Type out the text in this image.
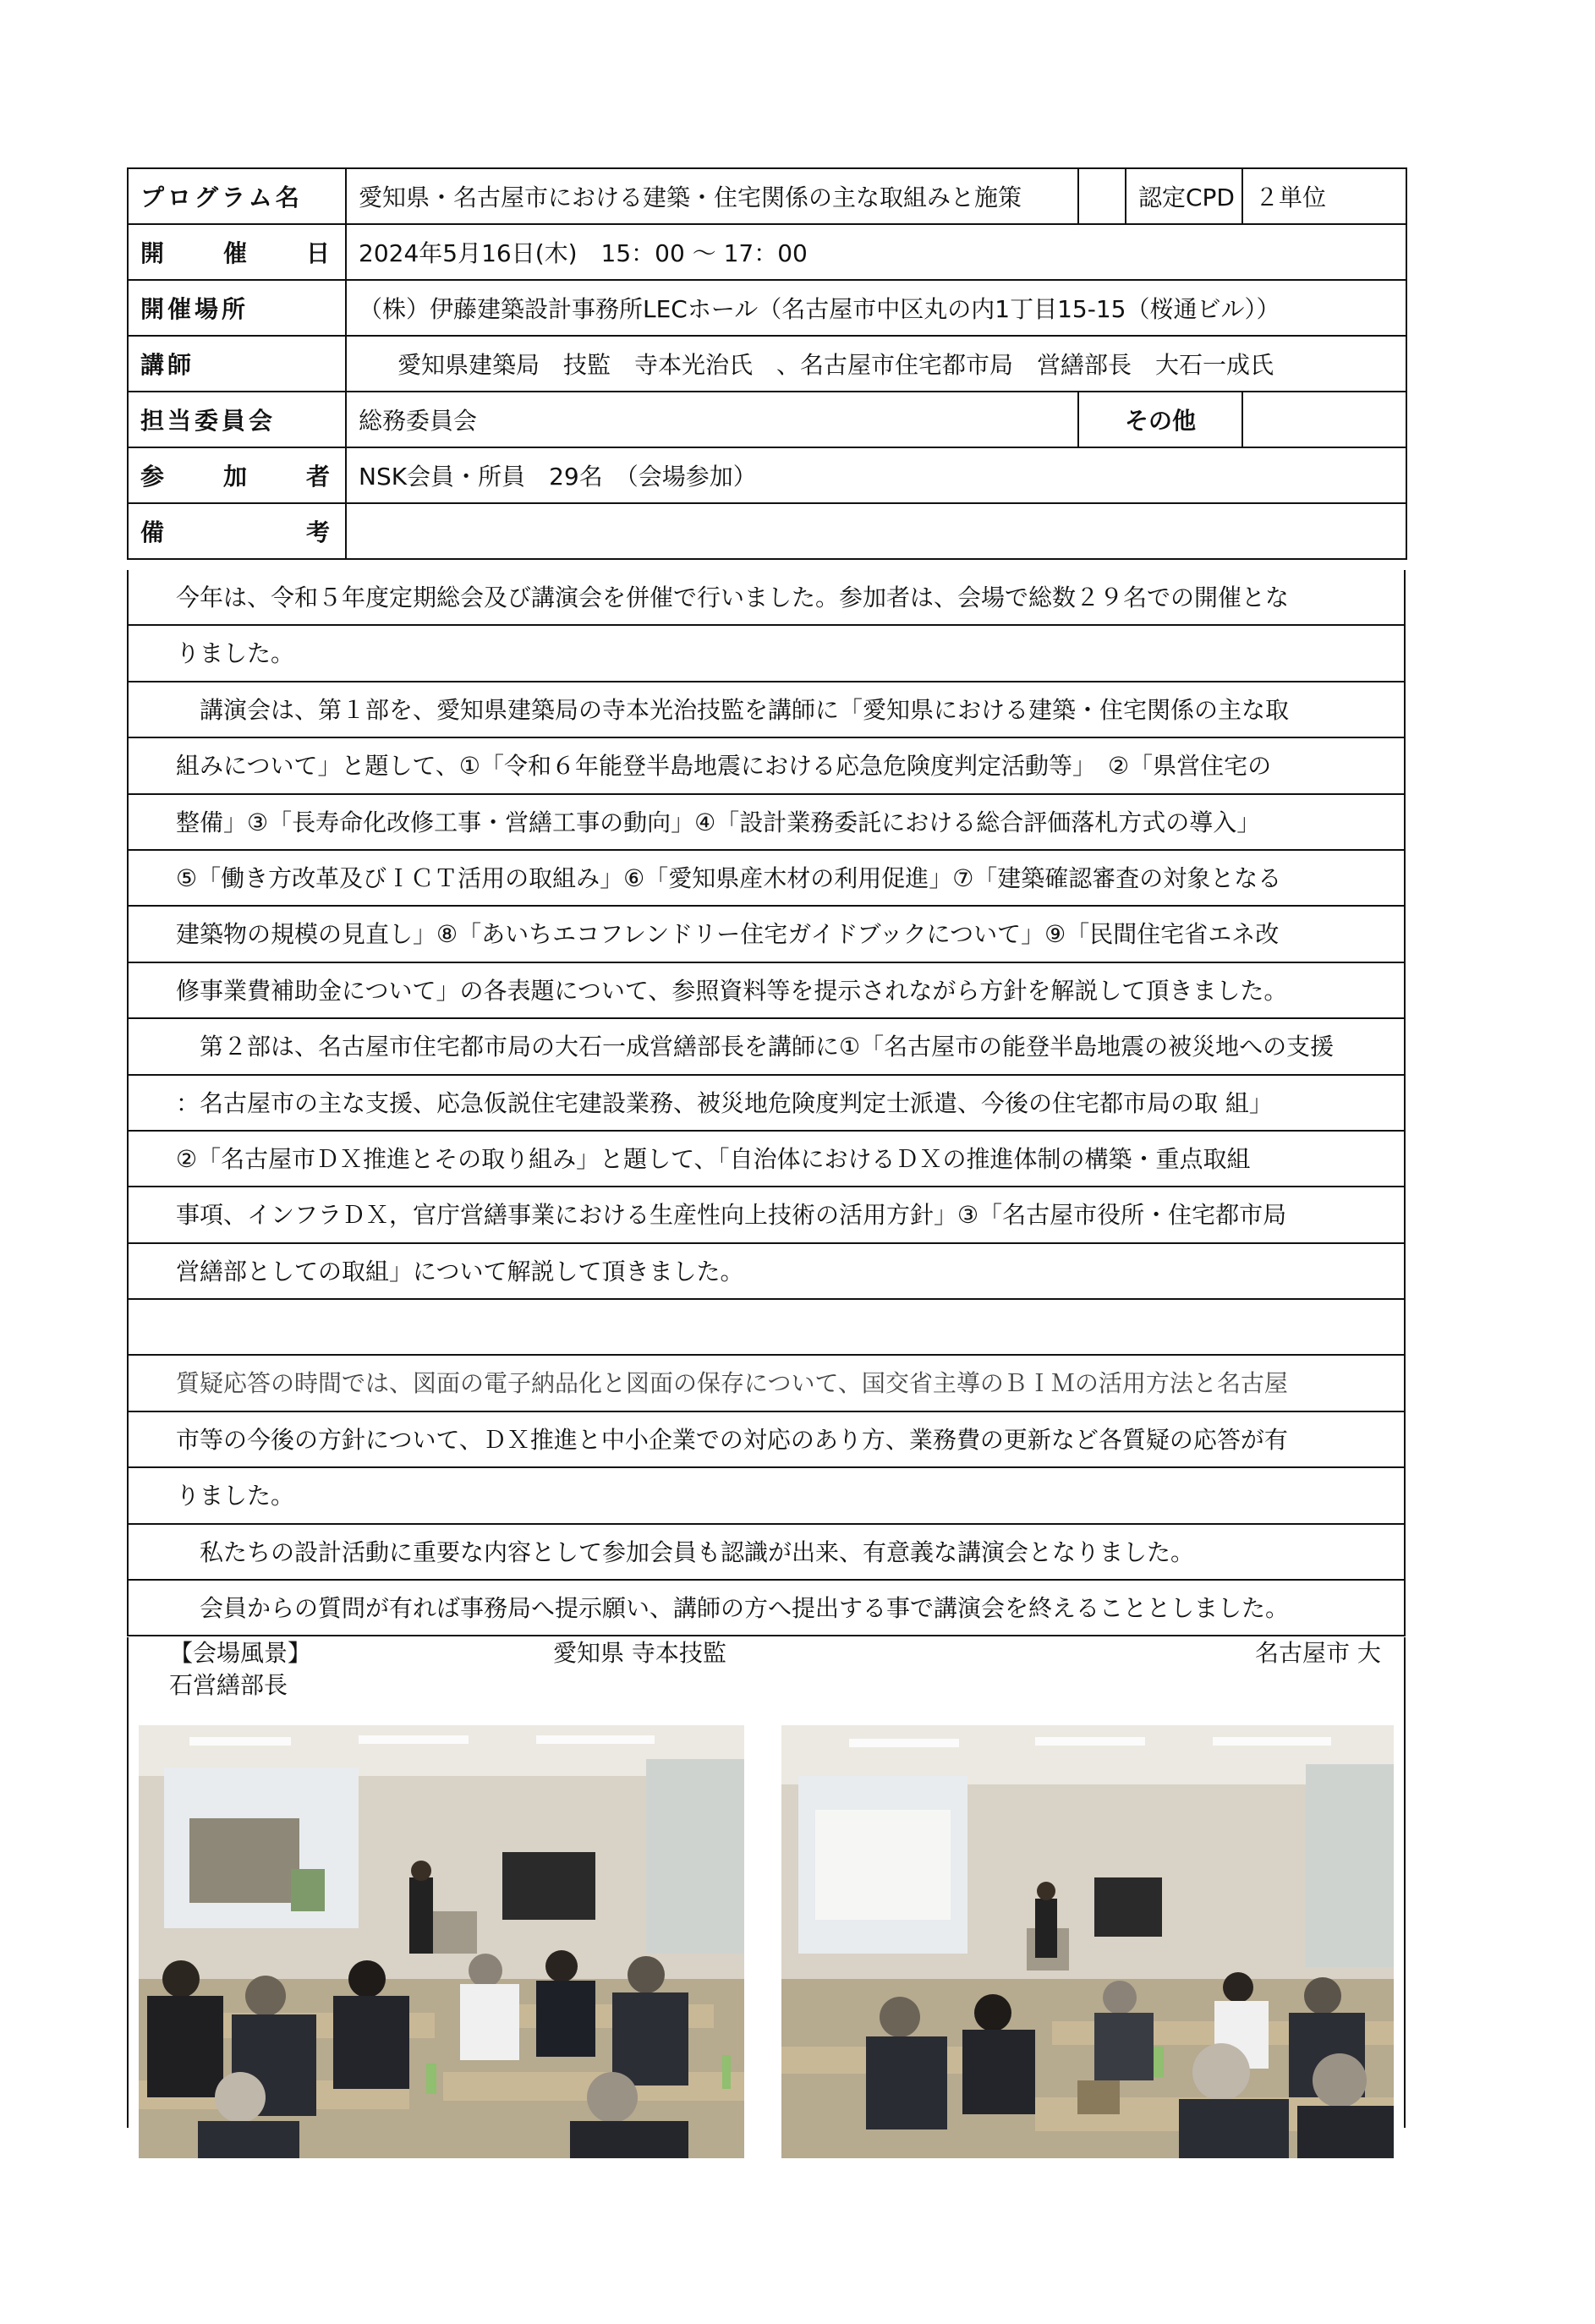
プログラム名	愛知県・名古屋市における建築・住宅関係の主な取組みと施策		認定CPD	２単位

開 催 日	2024年5月16日(木)　15：00 〜 17：00			
開催場所	（株）伊藤建築設計事務所LECホール（名古屋市中区丸の内1丁目15-15（桜通ビル））			
講師	愛知県建築局　技監　寺本光治氏　、名古屋市住宅都市局　営繕部長　大石一成氏			
担当委員会	総務委員会	その他		

参 加 者	NSK会員・所員　29名　（会場参加）			

備 考				

今年は、令和５年度定期総会及び講演会を併催で行いました。参加者は、会場で総数２９名での開催とな
りました。
講演会は、第１部を、愛知県建築局の寺本光治技監を講師に「愛知県における建築・住宅関係の主な取
組みについて」と題して、①「令和６年能登半島地震における応急危険度判定活動等」　②「県営住宅の
整備」③「長寿命化改修工事・営繕工事の動向」④「設計業務委託における総合評価落札方式の導入」
⑤「働き方改革及びＩＣＴ活用の取組み」⑥「愛知県産木材の利用促進」⑦「建築確認審査の対象となる
建築物の規模の見直し」⑧「あいちエコフレンドリー住宅ガイドブックについて」⑨「民間住宅省エネ改
修事業費補助金について」の各表題について、参照資料等を提示されながら方針を解説して頂きました。
第２部は、名古屋市住宅都市局の大石一成営繕部長を講師に①「名古屋市の能登半島地震の被災地への支援
：名古屋市の主な支援、応急仮説住宅建設業務、被災地危険度判定士派遣、今後の住宅都市局の取 組」
②「名古屋市ＤＸ推進とその取り組み」と題して、「自治体におけるＤＸの推進体制の構築・重点取組
事項、インフラＤＸ，官庁営繕事業における生産性向上技術の活用方針」③「名古屋市役所・住宅都市局
営繕部としての取組」について解説して頂きました。
質疑応答の時間では、図面の電子納品化と図面の保存について、国交省主導のＢＩＭの活用方法と名古屋
市等の今後の方針について、ＤＸ推進と中小企業での対応のあり方、業務費の更新など各質疑の応答が有
りました。
私たちの設計活動に重要な内容として参加会員も認識が出来、有意義な講演会となりました。
会員からの質問が有れば事務局へ提示願い、講師の方へ提出する事で講演会を終えることとしました。
【会場風景】	愛知県 寺本技監	名古屋市 大
石営繕部長
